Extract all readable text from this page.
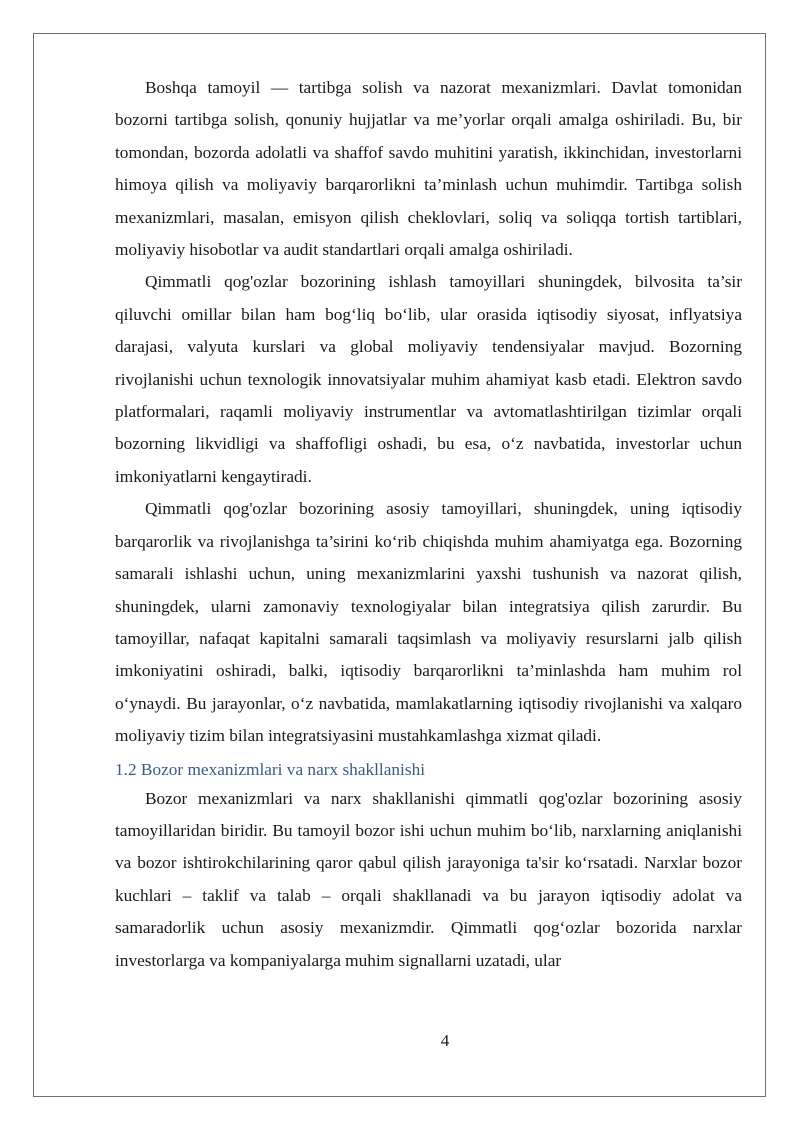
Boshqa tamoyil — tartibga solish va nazorat mexanizmlari. Davlat tomonidan bozorni tartibga solish, qonuniy hujjatlar va me’yorlar orqali amalga oshiriladi. Bu, bir tomondan, bozorda adolatli va shaffof savdo muhitini yaratish, ikkinchidan, investorlarni himoya qilish va moliyaviy barqarorlikni ta’minlash uchun muhimdir. Tartibga solish mexanizmlari, masalan, emisyon qilish cheklovlari, soliq va soliqqa tortish tartiblari, moliyaviy hisobotlar va audit standartlari orqali amalga oshiriladi.

Qimmatli qog'ozlar bozorining ishlash tamoyillari shuningdek, bilvosita ta’sir qiluvchi omillar bilan ham bog‘liq bo‘lib, ular orasida iqtisodiy siyosat, inflyatsiya darajasi, valyuta kurslari va global moliyaviy tendensiyalar mavjud. Bozorning rivojlanishi uchun texnologik innovatsiyalar muhim ahamiyat kasb etadi. Elektron savdo platformalari, raqamli moliyaviy instrumentlar va avtomatlashtirilgan tizimlar orqali bozorning likvidligi va shaffofligi oshadi, bu esa, o‘z navbatida, investorlar uchun imkoniyatlarni kengaytiradi.

Qimmatli qog'ozlar bozorining asosiy tamoyillari, shuningdek, uning iqtisodiy barqarorlik va rivojlanishga ta’sirini ko‘rib chiqishda muhim ahamiyatga ega. Bozorning samarali ishlashi uchun, uning mexanizmlarini yaxshi tushunish va nazorat qilish, shuningdek, ularni zamonaviy texnologiyalar bilan integratsiya qilish zarurdir. Bu tamoyillar, nafaqat kapitalni samarali taqsimlash va moliyaviy resurslarni jalb qilish imkoniyatini oshiradi, balki, iqtisodiy barqarorlikni ta’minlashda ham muhim rol o‘ynaydi. Bu jarayonlar, o‘z navbatida, mamlakatlarning iqtisodiy rivojlanishi va xalqaro moliyaviy tizim bilan integratsiyasini mustahkamlashga xizmat qiladi.

1.2 Bozor mexanizmlari va narx shakllanishi

Bozor mexanizmlari va narx shakllanishi qimmatli qog'ozlar bozorining asosiy tamoyillaridan biridir. Bu tamoyil bozor ishi uchun muhim bo‘lib, narxlarning aniqlanishi va bozor ishtirokchilarining qaror qabul qilish jarayoniga ta'sir ko‘rsatadi. Narxlar bozor kuchlari – taklif va talab – orqali shakllanadi va bu jarayon iqtisodiy adolat va samaradorlik uchun asosiy mexanizmdir. Qimmatli qog‘ozlar bozorida narxlar investorlarga va kompaniyalarga muhim signallarni uzatadi, ular

4
